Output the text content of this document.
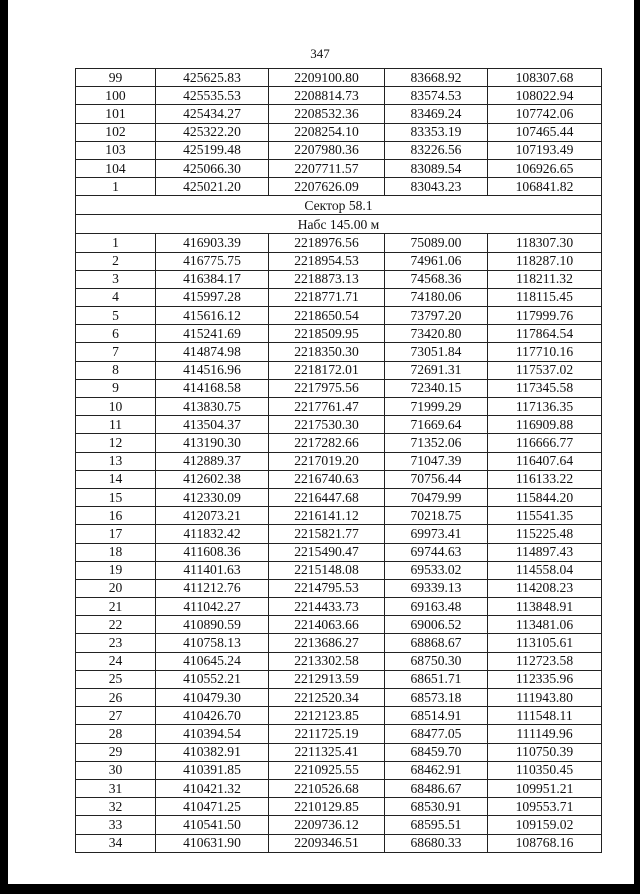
347
99	425625.83	2209100.80	83668.92	108307.68
100	425535.53	2208814.73	83574.53	108022.94
101	425434.27	2208532.36	83469.24	107742.06
102	425322.20	2208254.10	83353.19	107465.44
103	425199.48	2207980.36	83226.56	107193.49
104	425066.30	2207711.57	83089.54	106926.65
1	425021.20	2207626.09	83043.23	106841.82
Сектор 58.1				
Набс 145.00 м				
1	416903.39	2218976.56	75089.00	118307.30
2	416775.75	2218954.53	74961.06	118287.10
3	416384.17	2218873.13	74568.36	118211.32
4	415997.28	2218771.71	74180.06	118115.45
5	415616.12	2218650.54	73797.20	117999.76
6	415241.69	2218509.95	73420.80	117864.54
7	414874.98	2218350.30	73051.84	117710.16
8	414516.96	2218172.01	72691.31	117537.02
9	414168.58	2217975.56	72340.15	117345.58
10	413830.75	2217761.47	71999.29	117136.35
11	413504.37	2217530.30	71669.64	116909.88
12	413190.30	2217282.66	71352.06	116666.77
13	412889.37	2217019.20	71047.39	116407.64
14	412602.38	2216740.63	70756.44	116133.22
15	412330.09	2216447.68	70479.99	115844.20
16	412073.21	2216141.12	70218.75	115541.35
17	411832.42	2215821.77	69973.41	115225.48
18	411608.36	2215490.47	69744.63	114897.43
19	411401.63	2215148.08	69533.02	114558.04
20	411212.76	2214795.53	69339.13	114208.23
21	411042.27	2214433.73	69163.48	113848.91
22	410890.59	2214063.66	69006.52	113481.06
23	410758.13	2213686.27	68868.67	113105.61
24	410645.24	2213302.58	68750.30	112723.58
25	410552.21	2212913.59	68651.71	112335.96
26	410479.30	2212520.34	68573.18	111943.80
27	410426.70	2212123.85	68514.91	111548.11
28	410394.54	2211725.19	68477.05	111149.96
29	410382.91	2211325.41	68459.70	110750.39
30	410391.85	2210925.55	68462.91	110350.45
31	410421.32	2210526.68	68486.67	109951.21
32	410471.25	2210129.85	68530.91	109553.71
33	410541.50	2209736.12	68595.51	109159.02
34	410631.90	2209346.51	68680.33	108768.16
